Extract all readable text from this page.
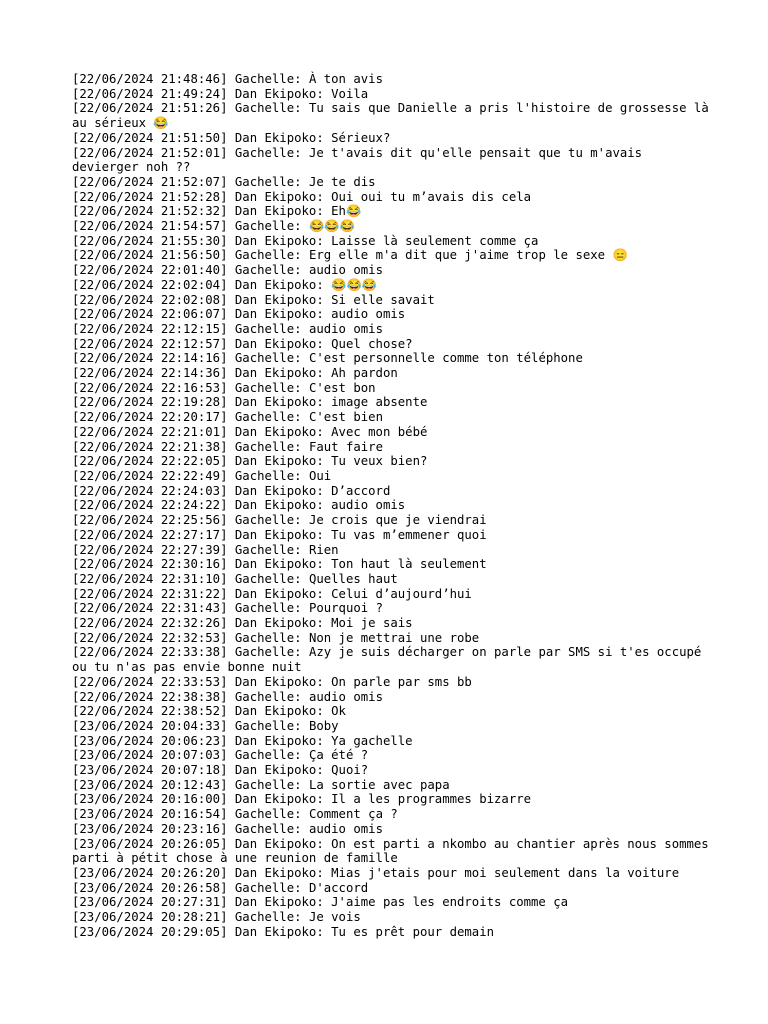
[22/06/2024 21:48:46] Gachelle: À ton avis
[22/06/2024 21:49:24] Dan Ekipoko: Voila
[22/06/2024 21:51:26] Gachelle: Tu sais que Danielle a pris l'histoire de grossesse là au sérieux 😂
[22/06/2024 21:51:50] Dan Ekipoko: Sérieux?
[22/06/2024 21:52:01] Gachelle: Je t'avais dit qu'elle pensait que tu m'avais devierger noh ??
[22/06/2024 21:52:07] Gachelle: Je te dis
[22/06/2024 21:52:28] Dan Ekipoko: Oui oui tu m’avais dis cela
[22/06/2024 21:52:32] Dan Ekipoko: Eh😂
[22/06/2024 21:54:57] Gachelle: 😂😂😂
[22/06/2024 21:55:30] Dan Ekipoko: Laisse là seulement comme ça
[22/06/2024 21:56:50] Gachelle: Erg elle m'a dit que j'aime trop le sexe 😑
[22/06/2024 22:01:40] Gachelle: audio omis
[22/06/2024 22:02:04] Dan Ekipoko: 😂😂😂
[22/06/2024 22:02:08] Dan Ekipoko: Si elle savait
[22/06/2024 22:06:07] Dan Ekipoko: audio omis
[22/06/2024 22:12:15] Gachelle: audio omis
[22/06/2024 22:12:57] Dan Ekipoko: Quel chose?
[22/06/2024 22:14:16] Gachelle: C'est personnelle comme ton téléphone
[22/06/2024 22:14:36] Dan Ekipoko: Ah pardon
[22/06/2024 22:16:53] Gachelle: C'est bon
[22/06/2024 22:19:28] Dan Ekipoko: image absente
[22/06/2024 22:20:17] Gachelle: C'est bien
[22/06/2024 22:21:01] Dan Ekipoko: Avec mon bébé
[22/06/2024 22:21:38] Gachelle: Faut faire
[22/06/2024 22:22:05] Dan Ekipoko: Tu veux bien?
[22/06/2024 22:22:49] Gachelle: Oui
[22/06/2024 22:24:03] Dan Ekipoko: D’accord
[22/06/2024 22:24:22] Dan Ekipoko: audio omis
[22/06/2024 22:25:56] Gachelle: Je crois que je viendrai
[22/06/2024 22:27:17] Dan Ekipoko: Tu vas m’emmener quoi
[22/06/2024 22:27:39] Gachelle: Rien
[22/06/2024 22:30:16] Dan Ekipoko: Ton haut là seulement
[22/06/2024 22:31:10] Gachelle: Quelles haut
[22/06/2024 22:31:22] Dan Ekipoko: Celui d’aujourd’hui
[22/06/2024 22:31:43] Gachelle: Pourquoi ?
[22/06/2024 22:32:26] Dan Ekipoko: Moi je sais
[22/06/2024 22:32:53] Gachelle: Non je mettrai une robe
[22/06/2024 22:33:38] Gachelle: Azy je suis décharger on parle par SMS si t'es occupé ou tu n'as pas envie bonne nuit
[22/06/2024 22:33:53] Dan Ekipoko: On parle par sms bb
[22/06/2024 22:38:38] Gachelle: audio omis
[22/06/2024 22:38:52] Dan Ekipoko: Ok
[23/06/2024 20:04:33] Gachelle: Boby
[23/06/2024 20:06:23] Dan Ekipoko: Ya gachelle
[23/06/2024 20:07:03] Gachelle: Ça été ?
[23/06/2024 20:07:18] Dan Ekipoko: Quoi?
[23/06/2024 20:12:43] Gachelle: La sortie avec papa
[23/06/2024 20:16:00] Dan Ekipoko: Il a les programmes bizarre
[23/06/2024 20:16:54] Gachelle: Comment ça ?
[23/06/2024 20:23:16] Gachelle: audio omis
[23/06/2024 20:26:05] Dan Ekipoko: On est parti a nkombo au chantier après nous sommes parti à pétit chose à une reunion de famille
[23/06/2024 20:26:20] Dan Ekipoko: Mias j'etais pour moi seulement dans la voiture
[23/06/2024 20:26:58] Gachelle: D'accord
[23/06/2024 20:27:31] Dan Ekipoko: J'aime pas les endroits comme ça
[23/06/2024 20:28:21] Gachelle: Je vois
[23/06/2024 20:29:05] Dan Ekipoko: Tu es prêt pour demain
